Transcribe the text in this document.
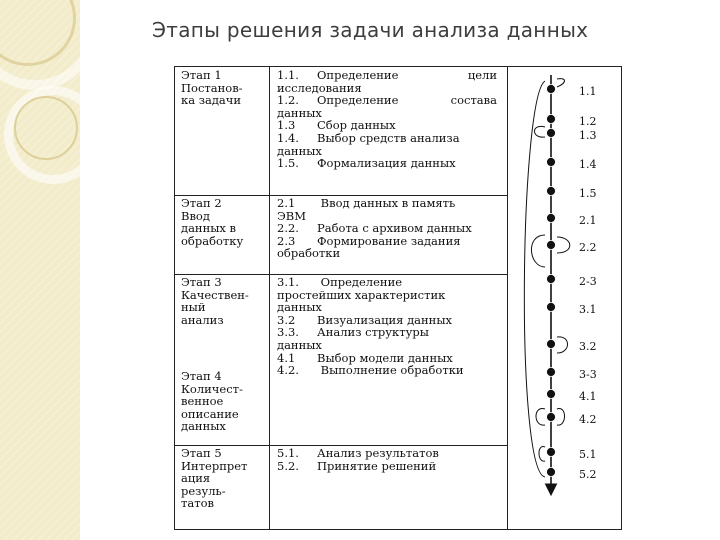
Этапы решения задачи анализа данных
Этап 1
Постанов-
ка задачи
Этап 2
Ввод
данных в
обработку
Этап 3
Качествен-
ный
анализ
Этап 4
Количест-
венное
описание
данных
Этап 5
Интерпрет
ация
резуль-
татов
1.1. Определение	цели
исследования
1.2. Определение	состава
данных
1.3 Сбор данных
1.4. Выбор средств анализа
данных
1.5. Формализация данных
2.1 Ввод данных в память
ЭВМ
2.2. Работа с архивом данных
2.3 Формирование задания
обработки
3.1. Определение
простейших характеристик
данных
3.2 Визуализация данных
3.3. Анализ структуры
данных
4.1 Выбор модели данных
4.2. Выполнение обработки
5.1. Анализ результатов
5.2. Принятие решений
1.1
1.2
1.3
1.4
1.5
2.1
2.2
2-3
3.1
3.2
3-3
4.1
4.2
5.1
5.2
